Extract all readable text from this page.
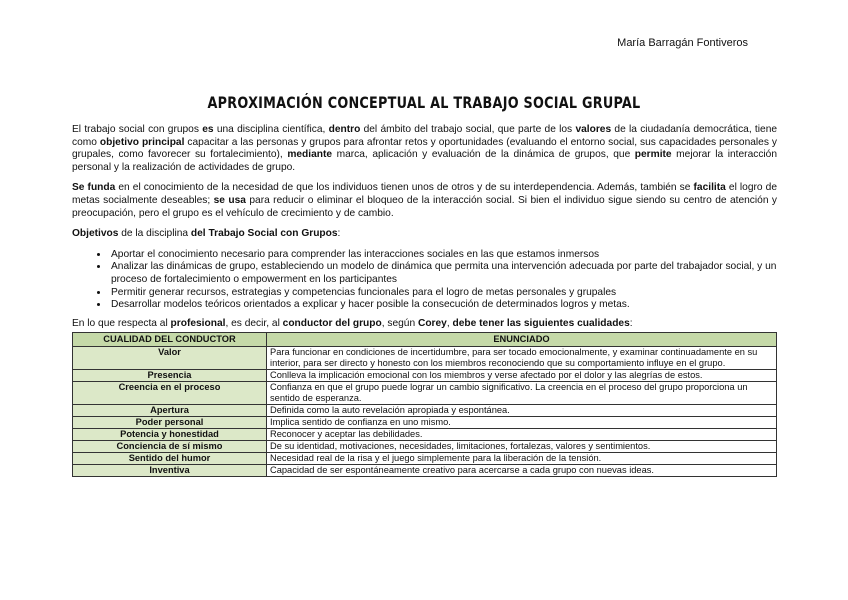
María Barragán Fontiveros
APROXIMACIÓN CONCEPTUAL AL TRABAJO SOCIAL GRUPAL

El trabajo social con grupos es una disciplina científica, dentro del ámbito del trabajo social, que parte de los valores de la ciudadanía democrática, tiene como objetivo principal capacitar a las personas y grupos para afrontar retos y oportunidades (evaluando el entorno social, sus capacidades personales y grupales, como favorecer su fortalecimiento), mediante marca, aplicación y evaluación de la dinámica de grupos, que permite mejorar la interacción personal y la realización de actividades de grupo.

Se funda en el conocimiento de la necesidad de que los individuos tienen unos de otros y de su interdependencia. Además, también se facilita el logro de metas socialmente deseables; se usa para reducir o eliminar el bloqueo de la interacción social. Si bien el individuo sigue siendo su centro de atención y preocupación, pero el grupo es el vehículo de crecimiento y de cambio.

Objetivos de la disciplina del Trabajo Social con Grupos:

• Aportar el conocimiento necesario para comprender las interacciones sociales en las que estamos inmersos
• Analizar las dinámicas de grupo, estableciendo un modelo de dinámica que permita una intervención adecuada por parte del trabajador social, y un proceso de fortalecimiento o empowerment en los participantes
• Permitir generar recursos, estrategias y competencias funcionales para el logro de metas personales y grupales
• Desarrollar modelos teóricos orientados a explicar y hacer posible la consecución de determinados logros y metas.

En lo que respecta al profesional, es decir, al conductor del grupo, según Corey, debe tener las siguientes cualidades:

CUALIDAD DEL CONDUCTOR	ENUNCIADO
Valor	Para funcionar en condiciones de incertidumbre, para ser tocado emocionalmente, y examinar continuadamente en su interior, para ser directo y honesto con los miembros reconociendo que su comportamiento influye en el grupo.
Presencia	Conlleva la implicación emocional con los miembros y verse afectado por el dolor y las alegrías de estos.
Creencia en el proceso	Confianza en que el grupo puede lograr un cambio significativo. La creencia en el proceso del grupo proporciona un sentido de esperanza.
Apertura	Definida como la auto revelación apropiada y espontánea.
Poder personal	Implica sentido de confianza en uno mismo.
Potencia y honestidad	Reconocer y aceptar las debilidades.
Conciencia de sí mismo	De su identidad, motivaciones, necesidades, limitaciones, fortalezas, valores y sentimientos.
Sentido del humor	Necesidad real de la risa y el juego simplemente para la liberación de la tensión.
Inventiva	Capacidad de ser espontáneamente creativo para acercarse a cada grupo con nuevas ideas.
